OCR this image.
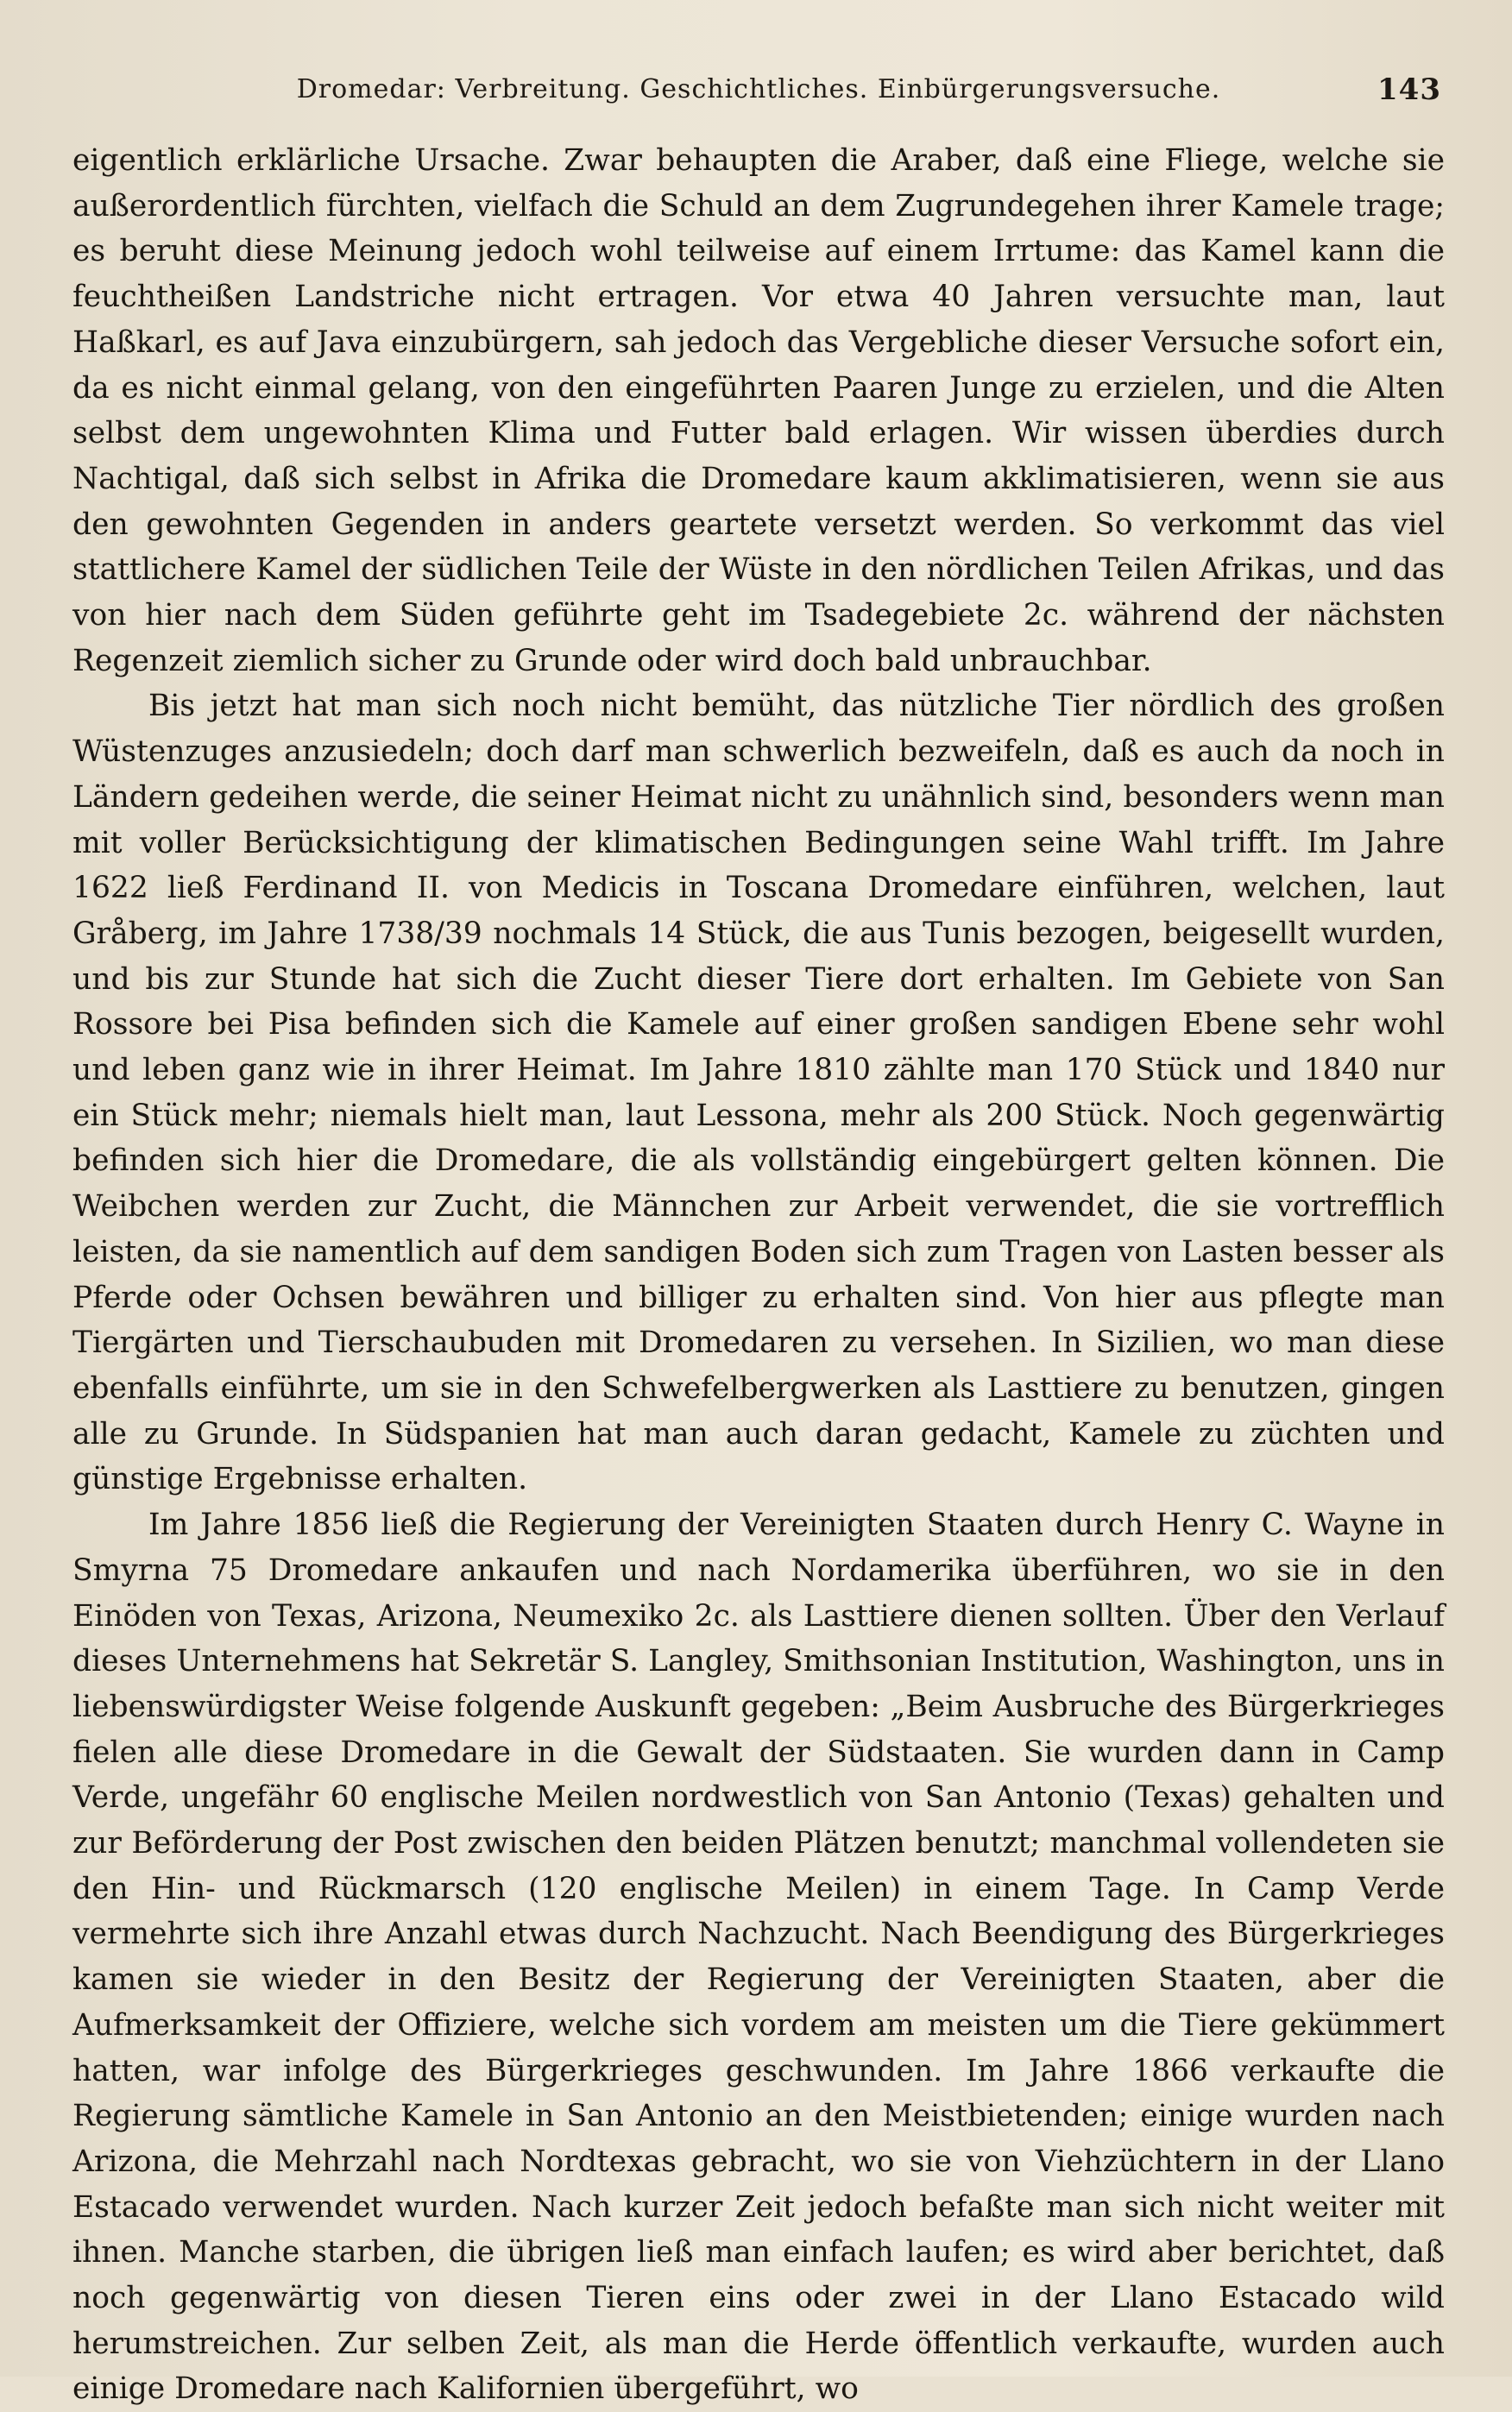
Dromedar: Verbreitung. Geschichtliches. Einbürgerungsversuche.	143

eigentlich erklärliche Ursache. Zwar behaupten die Araber, daß eine Fliege, welche sie außerordentlich fürchten, vielfach die Schuld an dem Zugrundegehen ihrer Kamele trage; es beruht diese Meinung jedoch wohl teilweise auf einem Irrtume: das Kamel kann die feuchtheißen Landstriche nicht ertragen. Vor etwa 40 Jahren versuchte man, laut Haßkarl, es auf Java einzubürgern, sah jedoch das Vergebliche dieser Versuche sofort ein, da es nicht einmal gelang, von den eingeführten Paaren Junge zu erzielen, und die Alten selbst dem ungewohnten Klima und Futter bald erlagen. Wir wissen überdies durch Nachtigal, daß sich selbst in Afrika die Dromedare kaum akklimatisieren, wenn sie aus den gewohnten Gegenden in anders geartete versetzt werden. So verkommt das viel stattlichere Kamel der südlichen Teile der Wüste in den nördlichen Teilen Afrikas, und das von hier nach dem Süden geführte geht im Tsadegebiete 2c. während der nächsten Regenzeit ziemlich sicher zu Grunde oder wird doch bald unbrauchbar.

Bis jetzt hat man sich noch nicht bemüht, das nützliche Tier nördlich des großen Wüstenzuges anzusiedeln; doch darf man schwerlich bezweifeln, daß es auch da noch in Ländern gedeihen werde, die seiner Heimat nicht zu unähnlich sind, besonders wenn man mit voller Berücksichtigung der klimatischen Bedingungen seine Wahl trifft. Im Jahre 1622 ließ Ferdinand II. von Medicis in Toscana Dromedare einführen, welchen, laut Gråberg, im Jahre 1738/39 nochmals 14 Stück, die aus Tunis bezogen, beigesellt wurden, und bis zur Stunde hat sich die Zucht dieser Tiere dort erhalten. Im Gebiete von San Rossore bei Pisa befinden sich die Kamele auf einer großen sandigen Ebene sehr wohl und leben ganz wie in ihrer Heimat. Im Jahre 1810 zählte man 170 Stück und 1840 nur ein Stück mehr; niemals hielt man, laut Lessona, mehr als 200 Stück. Noch gegenwärtig befinden sich hier die Dromedare, die als vollständig eingebürgert gelten können. Die Weibchen werden zur Zucht, die Männchen zur Arbeit verwendet, die sie vortrefflich leisten, da sie namentlich auf dem sandigen Boden sich zum Tragen von Lasten besser als Pferde oder Ochsen bewähren und billiger zu erhalten sind. Von hier aus pflegte man Tiergärten und Tierschaubuden mit Dromedaren zu versehen. In Sizilien, wo man diese ebenfalls einführte, um sie in den Schwefelbergwerken als Lasttiere zu benutzen, gingen alle zu Grunde. In Südspanien hat man auch daran gedacht, Kamele zu züchten und günstige Ergebnisse erhalten.

Im Jahre 1856 ließ die Regierung der Vereinigten Staaten durch Henry C. Wayne in Smyrna 75 Dromedare ankaufen und nach Nordamerika überführen, wo sie in den Einöden von Texas, Arizona, Neumexiko 2c. als Lasttiere dienen sollten. Über den Verlauf dieses Unternehmens hat Sekretär S. Langley, Smithsonian Institution, Washington, uns in liebenswürdigster Weise folgende Auskunft gegeben: „Beim Ausbruche des Bürgerkrieges fielen alle diese Dromedare in die Gewalt der Südstaaten. Sie wurden dann in Camp Verde, ungefähr 60 englische Meilen nordwestlich von San Antonio (Texas) gehalten und zur Beförderung der Post zwischen den beiden Plätzen benutzt; manchmal vollendeten sie den Hin- und Rückmarsch (120 englische Meilen) in einem Tage. In Camp Verde vermehrte sich ihre Anzahl etwas durch Nachzucht. Nach Beendigung des Bürgerkrieges kamen sie wieder in den Besitz der Regierung der Vereinigten Staaten, aber die Aufmerksamkeit der Offiziere, welche sich vordem am meisten um die Tiere gekümmert hatten, war infolge des Bürgerkrieges geschwunden. Im Jahre 1866 verkaufte die Regierung sämtliche Kamele in San Antonio an den Meistbietenden; einige wurden nach Arizona, die Mehrzahl nach Nordtexas gebracht, wo sie von Viehzüchtern in der Llano Estacado verwendet wurden. Nach kurzer Zeit jedoch befaßte man sich nicht weiter mit ihnen. Manche starben, die übrigen ließ man einfach laufen; es wird aber berichtet, daß noch gegenwärtig von diesen Tieren eins oder zwei in der Llano Estacado wild herumstreichen. Zur selben Zeit, als man die Herde öffentlich verkaufte, wurden auch einige Dromedare nach Kalifornien übergeführt, wo
